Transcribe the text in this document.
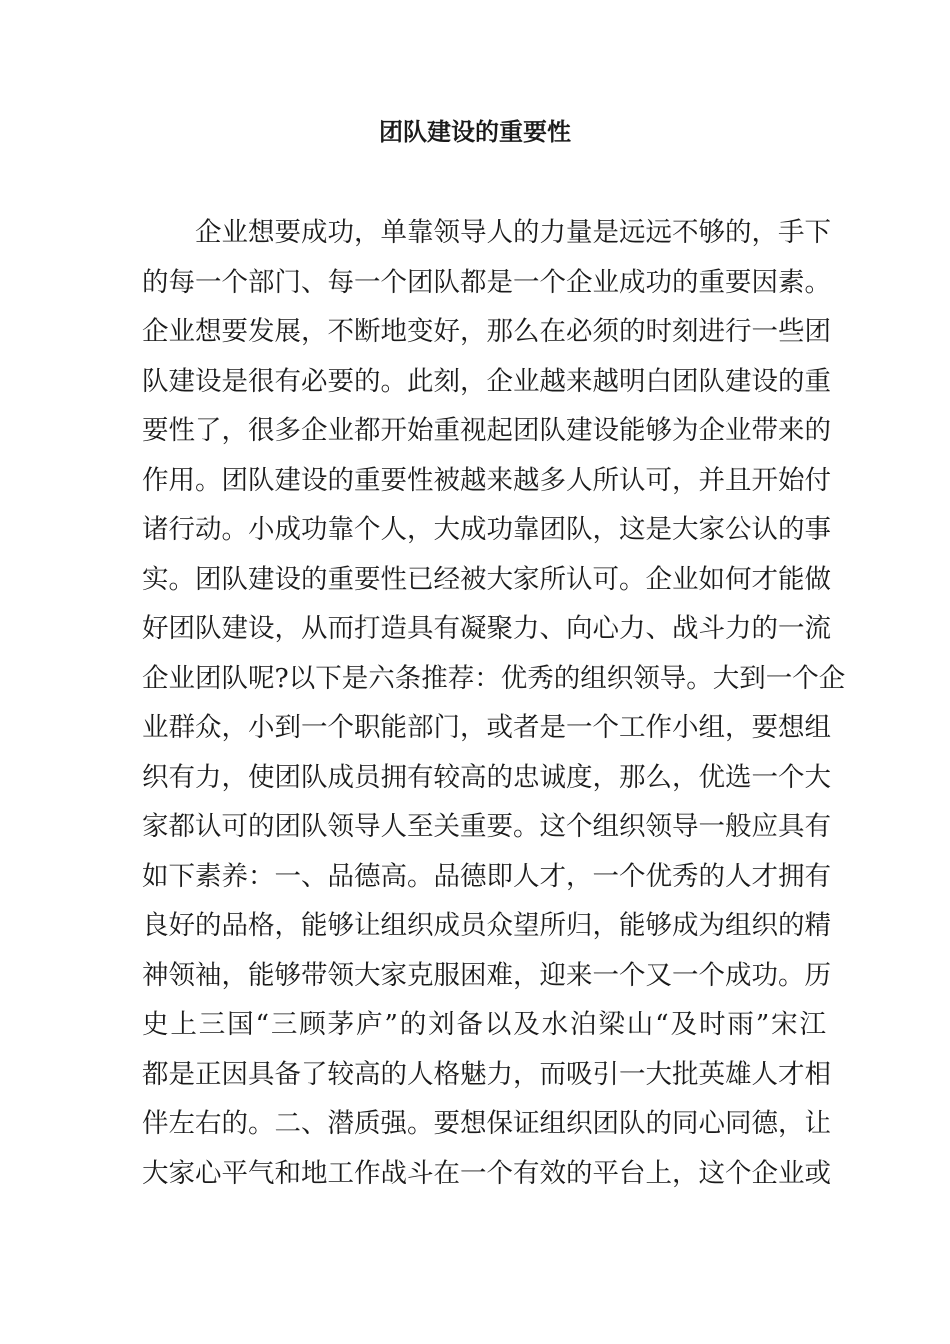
团队建设的重要性
企业想要成功，单靠领导人的力量是远远不够的，手下
的每一个部门、每一个团队都是一个企业成功的重要因素。
企业想要发展，不断地变好，那么在必须的时刻进行一些团
队建设是很有必要的。此刻，企业越来越明白团队建设的重
要性了，很多企业都开始重视起团队建设能够为企业带来的
作用。团队建设的重要性被越来越多人所认可，并且开始付
诸行动。小成功靠个人，大成功靠团队，这是大家公认的事
实。团队建设的重要性已经被大家所认可。企业如何才能做
好团队建设，从而打造具有凝聚力、向心力、战斗力的一流
企业团队呢?以下是六条推荐：优秀的组织领导。大到一个企
业群众，小到一个职能部门，或者是一个工作小组，要想组
织有力，使团队成员拥有较高的忠诚度，那么，优选一个大
家都认可的团队领导人至关重要。这个组织领导一般应具有
如下素养：一、品德高。品德即人才，一个优秀的人才拥有
良好的品格，能够让组织成员众望所归，能够成为组织的精
神领袖，能够带领大家克服困难，迎来一个又一个成功。历
史上三国“三顾茅庐”的刘备以及水泊梁山“及时雨”宋江
都是正因具备了较高的人格魅力，而吸引一大批英雄人才相
伴左右的。二、潜质强。要想保证组织团队的同心同德，让
大家心平气和地工作战斗在一个有效的平台上，这个企业或
